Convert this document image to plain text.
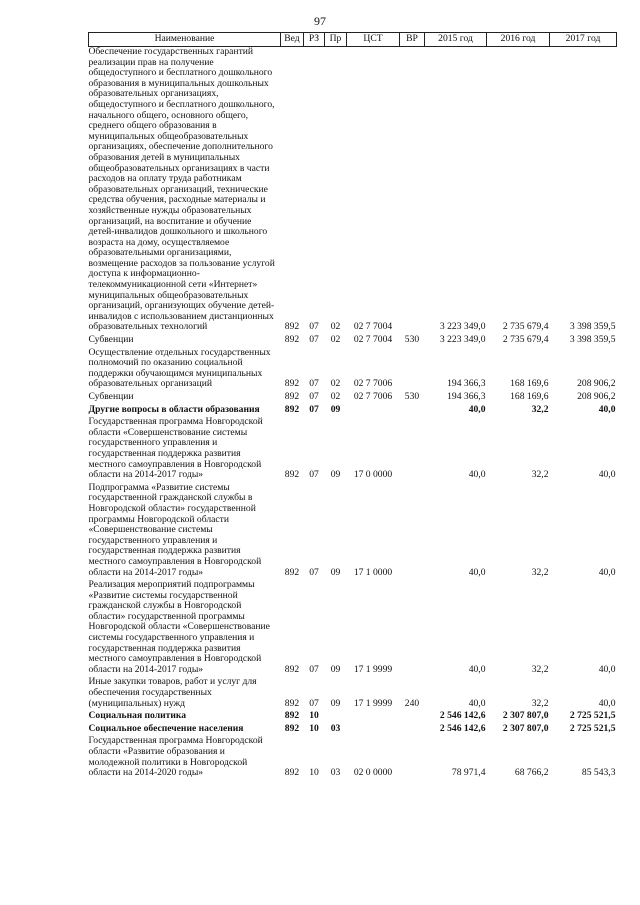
97
Наименование	Вед	РЗ	Пр	ЦСТ	ВР	2015 год	2016 год	2017 год
Обеспечение государственных гарантий реализации прав на получение общедоступного и бесплатного дошкольного образования в муниципальных дошкольных образовательных организациях, общедоступного и бесплатного дошкольного, начального общего, основного общего, среднего общего образования в муниципальных общеобразовательных организациях, обеспечение дополнительного образования детей в муниципальных общеобразовательных организациях в части расходов на оплату труда работникам образовательных организаций, технические средства обучения, расходные материалы и хозяйственные нужды образовательных организаций, на воспитание и обучение детей-инвалидов дошкольного и школьного возраста на дому, осуществляемое образовательными организациями, возмещение расходов за пользование услугой доступа к информационно-телекоммуникационной сети «Интернет» муниципальных общеобразовательных организаций, организующих обучение детей-инвалидов с использованием дистанционных образовательных технологий	892	07	02	02 7 7004		3 223 349,0	2 735 679,4	3 398 359,5
Субвенции	892	07	02	02 7 7004	530	3 223 349,0	2 735 679,4	3 398 359,5
Осуществление отдельных государственных полномочий по оказанию социальной поддержки обучающимся муниципальных образовательных организаций	892	07	02	02 7 7006		194 366,3	168 169,6	208 906,2
Субвенции	892	07	02	02 7 7006	530	194 366,3	168 169,6	208 906,2
Другие вопросы в области образования	892	07	09			40,0	32,2	40,0
Государственная программа Новгородской области «Совершенствование системы государственного управления и государственная поддержка развития местного самоуправления в Новгородской области на 2014-2017 годы»	892	07	09	17 0 0000		40,0	32,2	40,0
Подпрограмма «Развитие системы государственной гражданской службы в Новгородской области» государственной программы Новгородской области «Совершенствование системы государственного управления и государственная поддержка развития местного самоуправления в Новгородской области на 2014-2017 годы»	892	07	09	17 1 0000		40,0	32,2	40,0
Реализация мероприятий подпрограммы «Развитие системы государственной гражданской службы в Новгородской области» государственной программы Новгородской области «Совершенствование системы государственного управления и государственная поддержка развития местного самоуправления в Новгородской области на 2014-2017 годы»	892	07	09	17 1 9999		40,0	32,2	40,0
Иные закупки товаров, работ и услуг для обеспечения государственных (муниципальных) нужд	892	07	09	17 1 9999	240	40,0	32,2	40,0
Социальная политика	892	10				2 546 142,6	2 307 807,0	2 725 521,5
Социальное обеспечение населения	892	10	03			2 546 142,6	2 307 807,0	2 725 521,5
Государственная программа Новгородской области «Развитие образования и молодежной политики в Новгородской области на 2014-2020 годы»	892	10	03	02 0 0000		78 971,4	68 766,2	85 543,3
